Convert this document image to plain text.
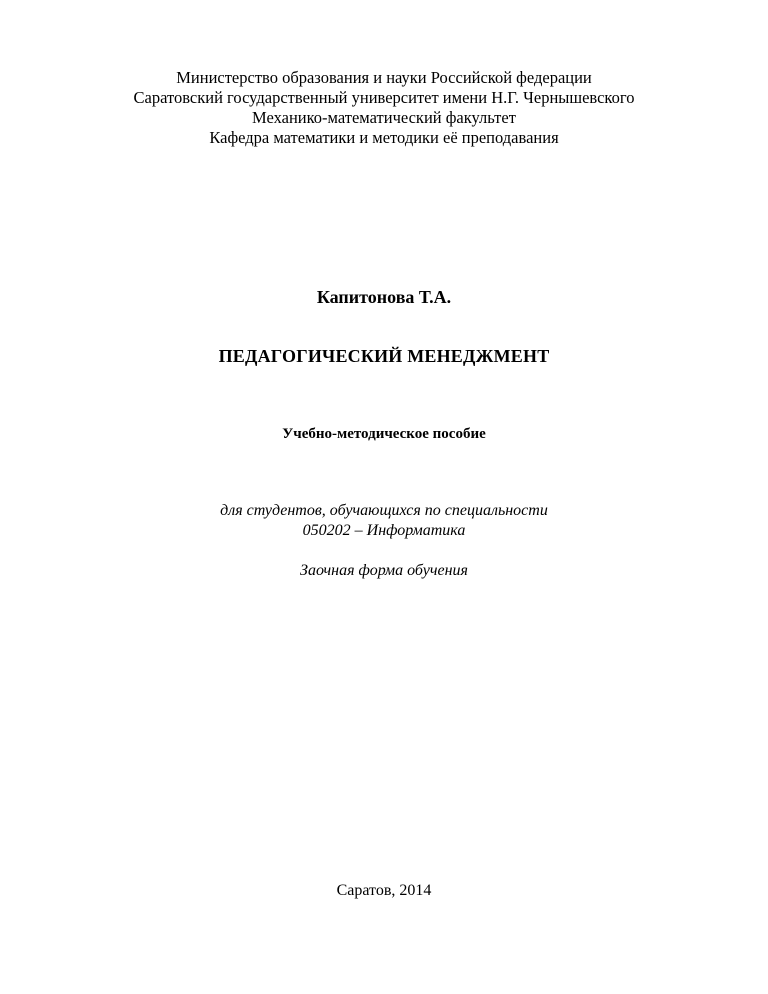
Министерство образования и науки Российской федерации
Саратовский государственный университет имени Н.Г. Чернышевского
Механико-математический факультет
Кафедра математики и методики её преподавания
Капитонова Т.А.
ПЕДАГОГИЧЕСКИЙ МЕНЕДЖМЕНТ
Учебно-методическое пособие
для студентов, обучающихся по специальности
050202 – Информатика
Заочная форма обучения
Саратов, 2014
